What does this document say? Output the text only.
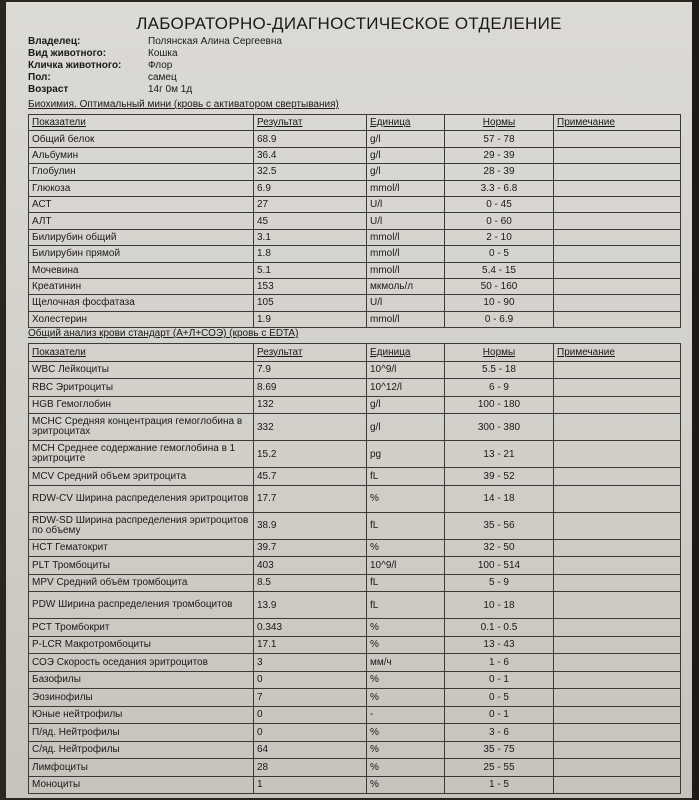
ЛАБОРАТОРНО-ДИАГНОСТИЧЕСКОЕ ОТДЕЛЕНИЕ
Владелец:	Полянская Алина Сергеевна
Вид животного:	Кошка
Кличка животного:	Флор
Пол:	самец
Возраст	14г 0м 1д
Биохимия. Оптимальный мини (кровь с активатором свертывания)
Показатели	Результат	Единица	Нормы	Примечание
Общий белок	68.9	g/l	57 - 78	
Альбумин	36.4	g/l	29 - 39	
Глобулин	32.5	g/l	28 - 39	
Глюкоза	6.9	mmol/l	3.3 - 6.8	
АСТ	27	U/l	0 - 45	
АЛТ	45	U/l	0 - 60	
Билирубин общий	3.1	mmol/l	2 - 10	
Билирубин прямой	1.8	mmol/l	0 - 5	
Мочевина	5.1	mmol/l	5.4 - 15	
Креатинин	153	мкмоль/л	50 - 160	
Щелочная фосфатаза	105	U/l	10 - 90	
Холестерин	1.9	mmol/l	0 - 6.9	
Общий анализ крови стандарт (А+Л+СОЭ) (кровь с EDTA)
Показатели	Результат	Единица	Нормы	Примечание
WBC Лейкоциты	7.9	10^9/l	5.5 - 18	
RBC Эритроциты	8.69	10^12/l	6 - 9	
HGB Гемоглобин	132	g/l	100 - 180	
MCHC Средняя концентрация гемоглобина в эритроцитах	332	g/l	300 - 380	
MCH Среднее содержание гемоглобина в 1 эритроците	15.2	pg	13 - 21	
MCV Средний объем эритроцита	45.7	fL	39 - 52	
RDW-CV Ширина распределения эритроцитов	17.7	%	14 - 18	
RDW-SD Ширина распределения эритроцитов по объему	38.9	fL	35 - 56	
HCT Гематокрит	39.7	%	32 - 50	
PLT Тромбоциты	403	10^9/l	100 - 514	
MPV Средний объём тромбоцита	8.5	fL	5 - 9	
PDW Ширина распределения тромбоцитов	13.9	fL	10 - 18	
PCT Тромбокрит	0.343	%	0.1 - 0.5	
P-LCR Макротромбоциты	17.1	%	13 - 43	
СОЭ Скорость оседания эритроцитов	3	мм/ч	1 - 6	
Базофилы	0	%	0 - 1	
Эозинофилы	7	%	0 - 5	
Юные нейтрофилы	0	-	0 - 1	
П/яд. Нейтрофилы	0	%	3 - 6	
С/яд. Нейтрофилы	64	%	35 - 75	
Лимфоциты	28	%	25 - 55	
Моноциты	1	%	1 - 5	
